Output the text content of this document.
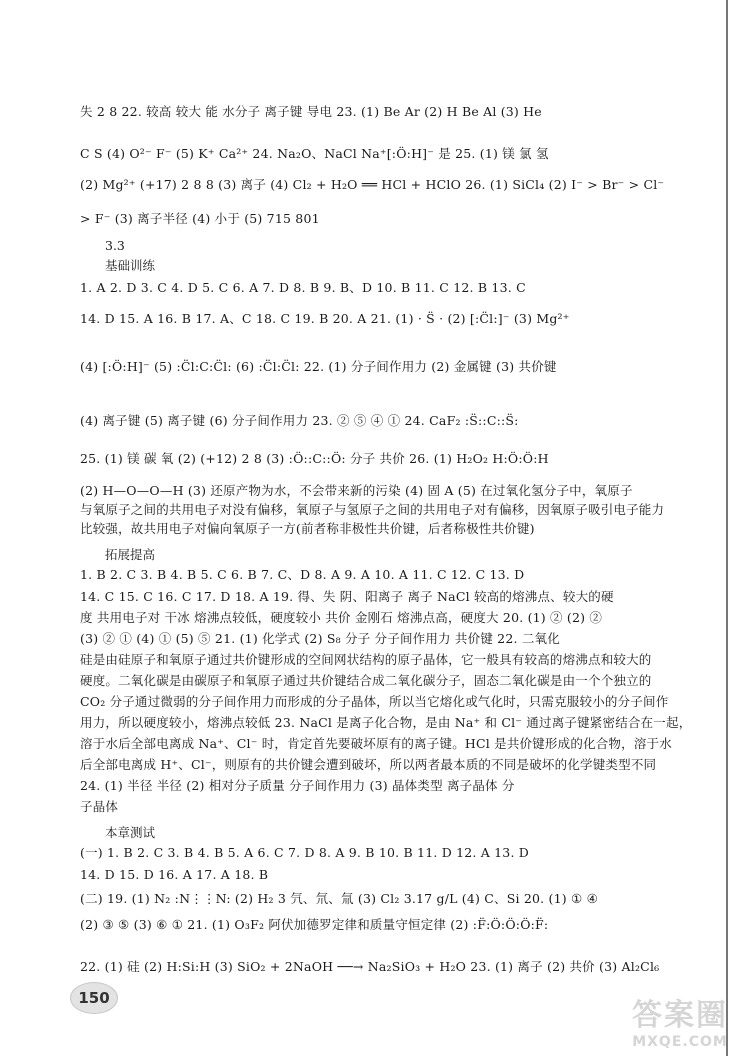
失 2 8 22. 较高 较大 能 水分子 离子键 导电 23. (1) Be Ar (2) H Be Al (3) He
C S (4) O²⁻ F⁻ (5) K⁺ Ca²⁺ 24. Na₂O、NaCl Na⁺[:Ö:H]⁻ 是 25. (1) 镁 氯 氢
(2) Mg²⁺ (+17) 2 8 8 (3) 离子 (4) Cl₂ + H₂O ══ HCl + HClO 26. (1) SiCl₄ (2) I⁻ > Br⁻ > Cl⁻
> F⁻ (3) 离子半径 (4) 小于 (5) 715 801
3.3
基础训练
1. A 2. D 3. C 4. D 5. C 6. A 7. D 8. B 9. B、D 10. B 11. C 12. B 13. C
14. D 15. A 16. B 17. A、C 18. C 19. B 20. A 21. (1) · S̈ · (2) [:C̈l:]⁻ (3) Mg²⁺
(4) [:Ö:H]⁻ (5) :C̈l:C:C̈l: (6) :C̈l:C̈l: 22. (1) 分子间作用力 (2) 金属键 (3) 共价键
(4) 离子键 (5) 离子键 (6) 分子间作用力 23. ② ⑤ ④ ① 24. CaF₂ :S̈::C::S̈:
25. (1) 镁 碳 氧 (2) (+12) 2 8 (3) :Ö::C::Ö: 分子 共价 26. (1) H₂O₂ H:Ö:Ö:H
(2) H—O—O—H (3) 还原产物为水，不会带来新的污染 (4) 固 A (5) 在过氧化氢分子中，氧原子
与氧原子之间的共用电子对没有偏移，氧原子与氢原子之间的共用电子对有偏移，因氧原子吸引电子能力
比较强，故共用电子对偏向氧原子一方(前者称非极性共价键，后者称极性共价键)
拓展提高
1. B 2. C 3. B 4. B 5. C 6. B 7. C、D 8. A 9. A 10. A 11. C 12. C 13. D
14. C 15. C 16. C 17. D 18. A 19. 得、失 阴、阳离子 离子 NaCl 较高的熔沸点、较大的硬
度 共用电子对 干冰 熔沸点较低，硬度较小 共价 金刚石 熔沸点高，硬度大 20. (1) ② (2) ②
(3) ② ① (4) ① (5) ⑤ 21. (1) 化学式 (2) S₈ 分子 分子间作用力 共价键 22. 二氧化
硅是由硅原子和氧原子通过共价键形成的空间网状结构的原子晶体，它一般具有较高的熔沸点和较大的
硬度。二氧化碳是由碳原子和氧原子通过共价键结合成二氧化碳分子，固态二氧化碳是由一个个独立的
CO₂ 分子通过微弱的分子间作用力而形成的分子晶体，所以当它熔化或气化时，只需克服较小的分子间作
用力，所以硬度较小，熔沸点较低 23. NaCl 是离子化合物，是由 Na⁺ 和 Cl⁻ 通过离子键紧密结合在一起，
溶于水后全部电离成 Na⁺、Cl⁻ 时，肯定首先要破坏原有的离子键。HCl 是共价键形成的化合物，溶于水
后全部电离成 H⁺、Cl⁻，则原有的共价键会遭到破坏，所以两者最本质的不同是破坏的化学键类型不同
24. (1) 半径 半径 (2) 相对分子质量 分子间作用力 (3) 晶体类型 离子晶体 分
子晶体
本章测试
(一) 1. B 2. C 3. B 4. B 5. A 6. C 7. D 8. A 9. B 10. B 11. D 12. A 13. D
14. D 15. D 16. A 17. A 18. B
(二) 19. (1) N₂ :N⋮⋮N: (2) H₂ 3 氕、氘、氚 (3) Cl₂ 3.17 g/L (4) C、Si 20. (1) ① ④
(2) ③ ⑤ (3) ⑥ ① 21. (1) O₃F₂ 阿伏加德罗定律和质量守恒定律 (2) :F̈:Ö:Ö:Ö:F̈:
22. (1) 硅 (2) H:Si:H (3) SiO₂ + 2NaOH ──→ Na₂SiO₃ + H₂O 23. (1) 离子 (2) 共价 (3) Al₂Cl₆
150	答案圈
MXQE.COM
